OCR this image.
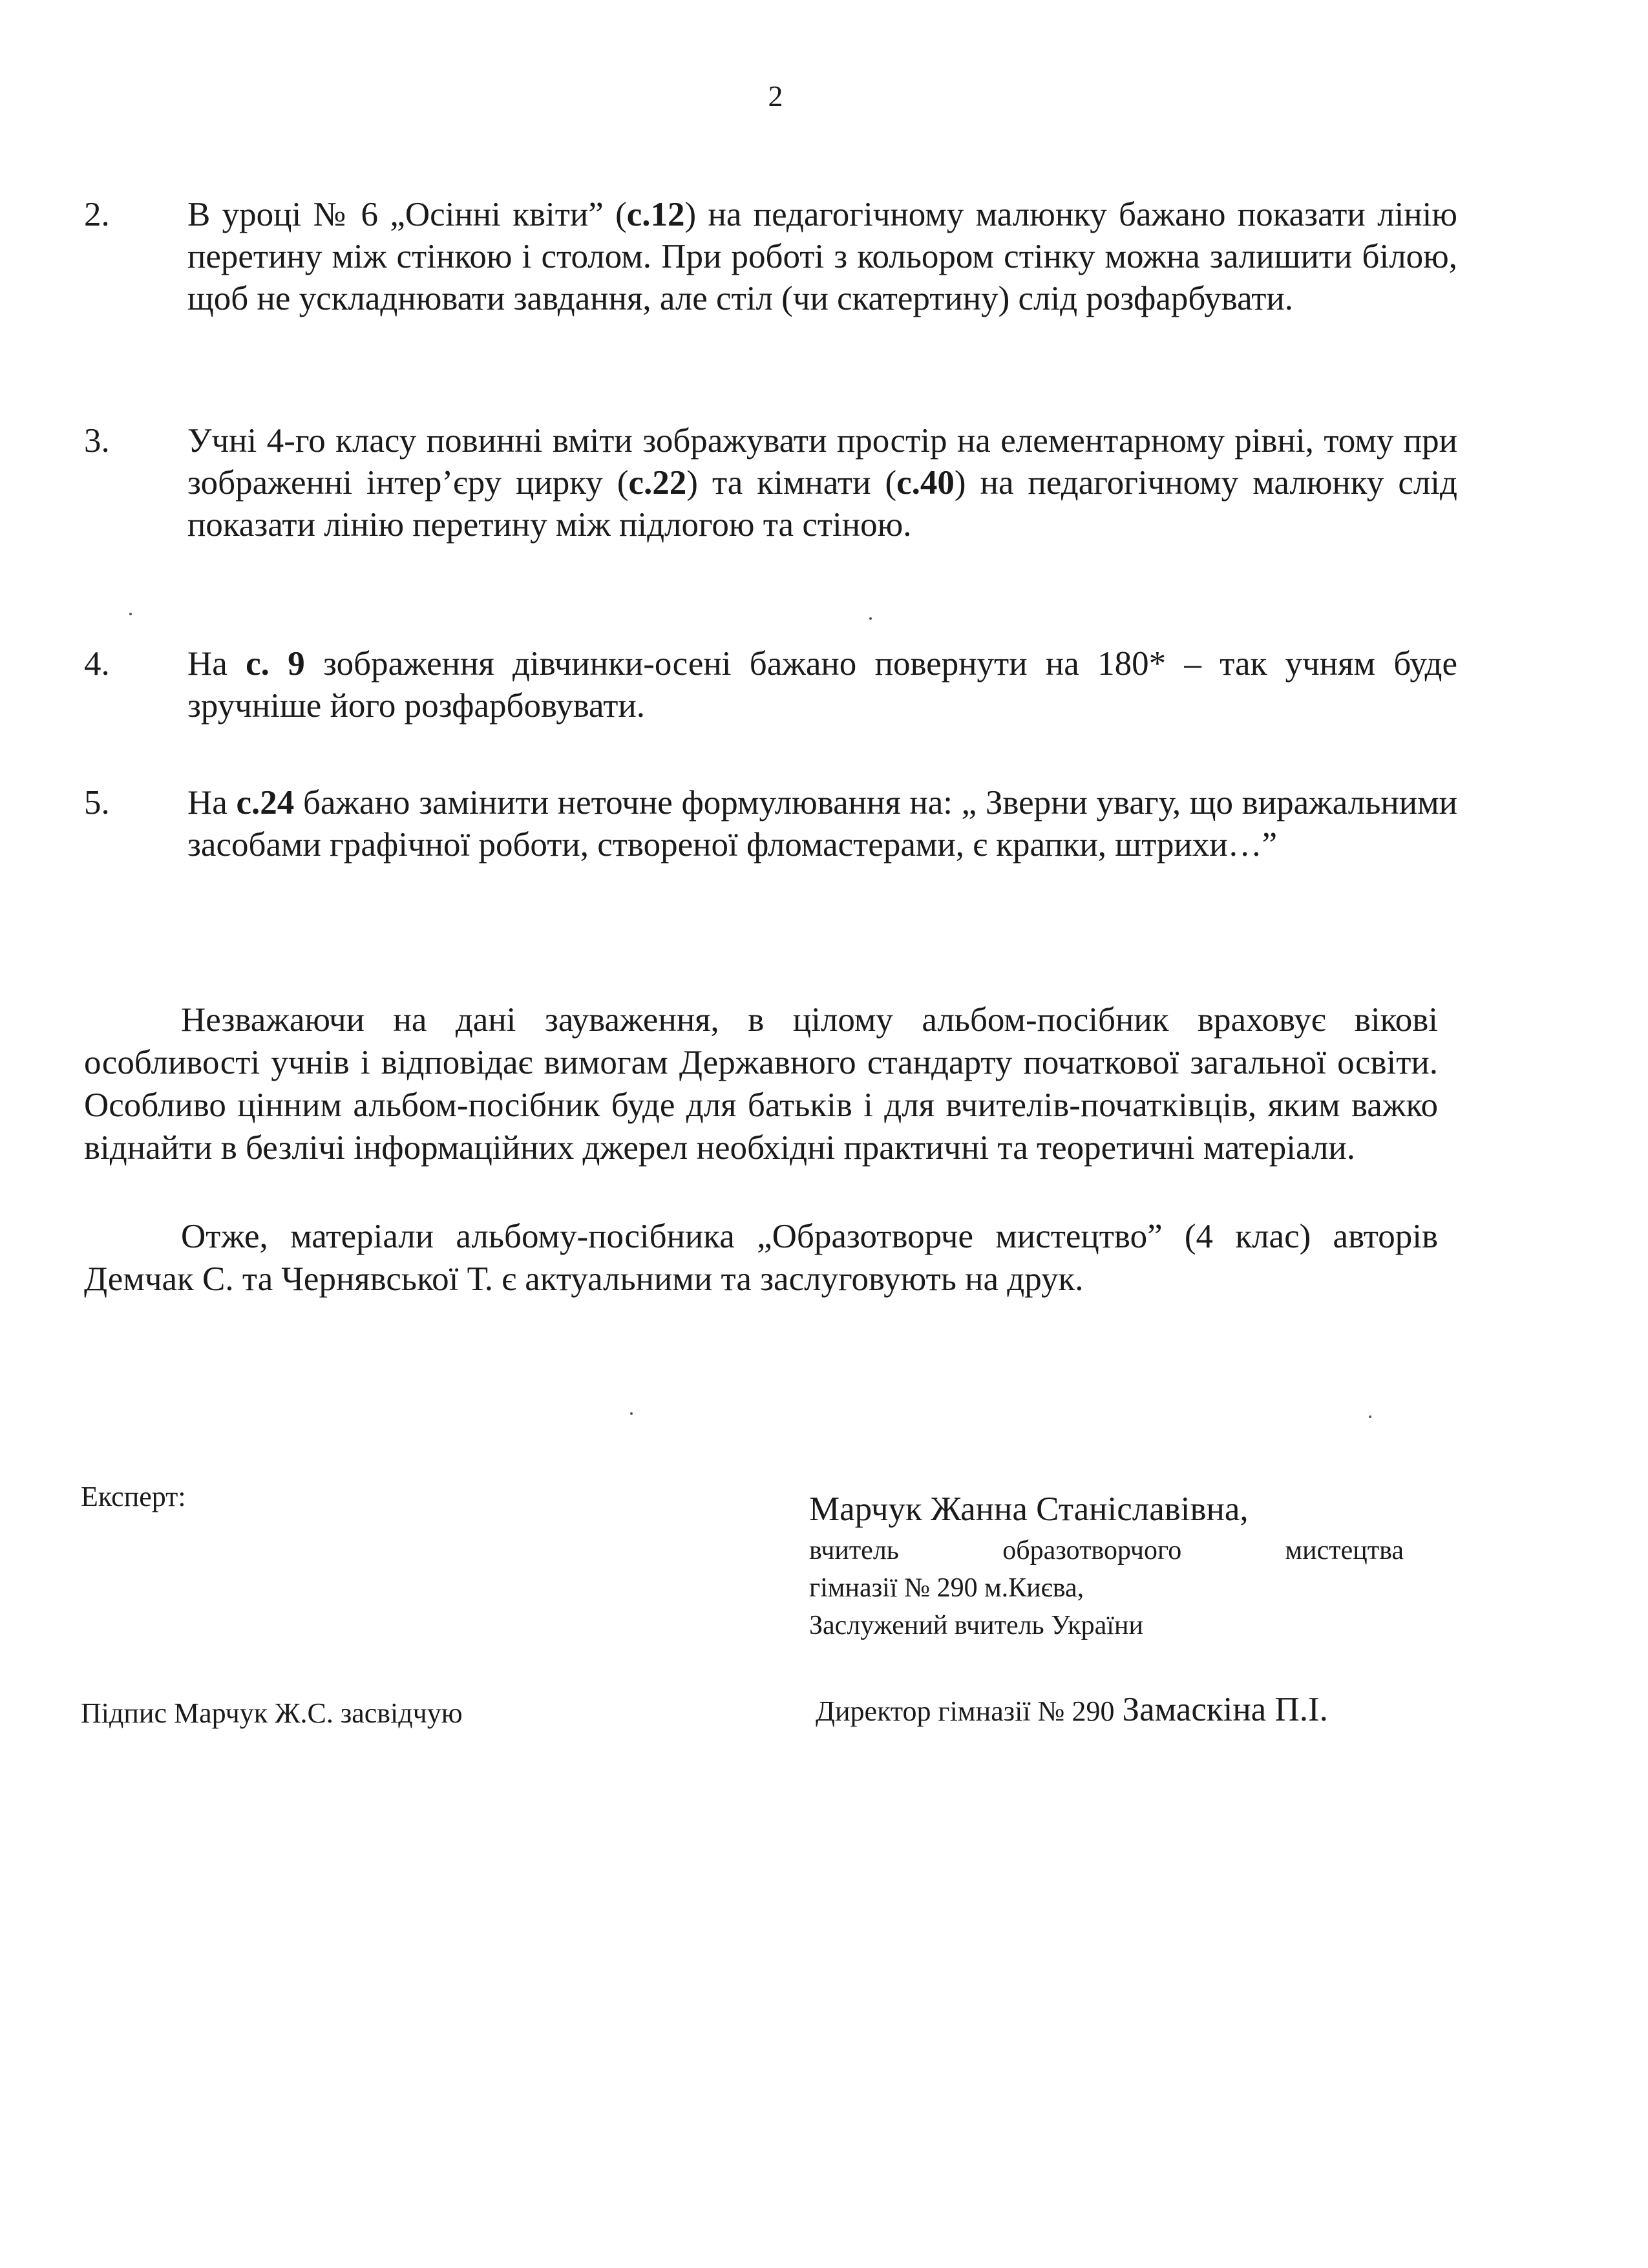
2
2. В уроці № 6 „Осінні квіти” (с.12) на педагогічному малюнку бажано показати лінію перетину між стінкою і столом. При роботі з кольором стінку можна залишити білою, щоб не ускладнювати завдання, але стіл (чи скатертину) слід розфарбувати.
3. Учні 4-го класу повинні вміти зображувати простір на елементарному рівні, тому при зображенні інтер’єру цирку (с.22) та кімнати (с.40) на педагогічному малюнку слід показати лінію перетину між підлогою та стіною.
4. На с. 9 зображення дівчинки-осені бажано повернути на 180* – так учням буде зручніше його розфарбовувати.
5. На с.24 бажано замінити неточне формулювання на: „ Зверни увагу, що виражальними засобами графічної роботи, створеної фломастерами, є крапки, штрихи…”
Незважаючи на дані зауваження, в цілому альбом-посібник враховує вікові особливості учнів і відповідає вимогам Державного стандарту початкової загальної освіти. Особливо цінним альбом-посібник буде для батьків і для вчителів-початківців, яким важко віднайти в безлічі інформаційних джерел необхідні практичні та теоретичні матеріали.
Отже, матеріали альбому-посібника „Образотворче мистецтво” (4 клас) авторів Демчак С. та Чернявської Т. є актуальними та заслуговують на друк.
Експерт:	Марчук Жанна Станіславівна,
вчитель образотворчого мистецтва
гімназії № 290 м.Києва,
Заслужений вчитель України
Підпис Марчук Ж.С. засвідчую	Директор гімназії № 290 Замаскіна П.І.
